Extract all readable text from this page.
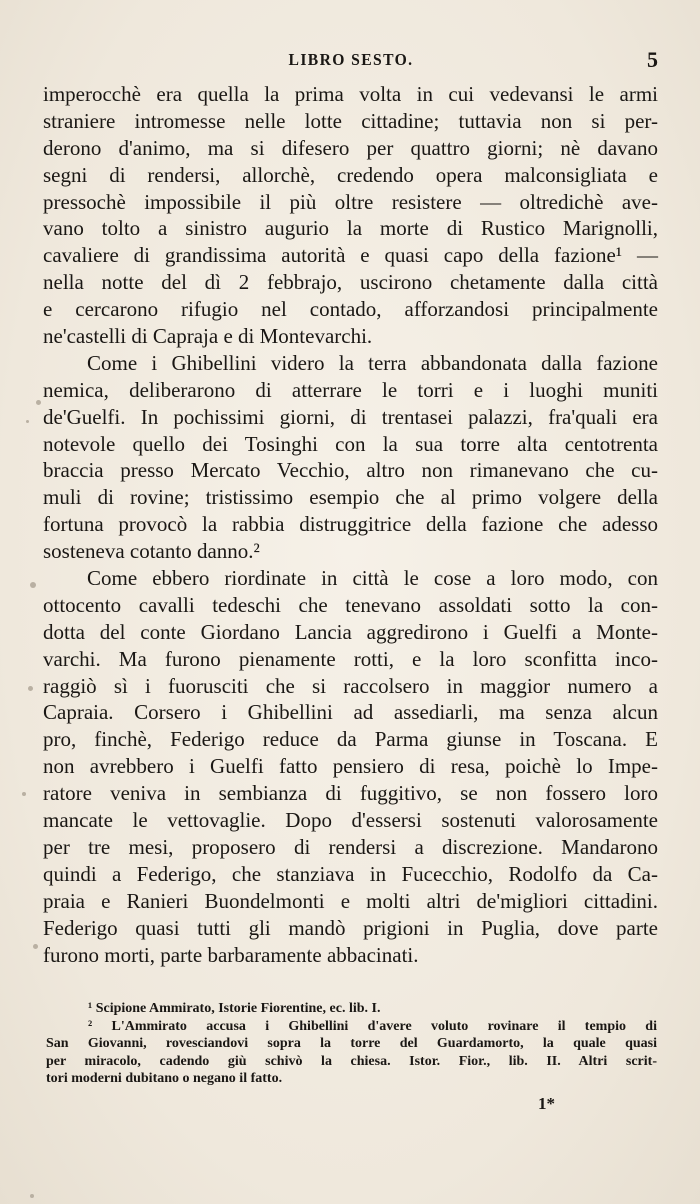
LIBRO SESTO.	5
imperocchè era quella la prima volta in cui vedevansi le armi
straniere intromesse nelle lotte cittadine; tuttavia non si per-
derono d'animo, ma si difesero per quattro giorni; nè davano
segni di rendersi, allorchè, credendo opera malconsigliata e
pressochè impossibile il più oltre resistere — oltredichè ave-
vano tolto a sinistro augurio la morte di Rustico Marignolli,
cavaliere di grandissima autorità e quasi capo della fazione¹ —
nella notte del dì 2 febbrajo, uscirono chetamente dalla città
e cercarono rifugio nel contado, afforzandosi principalmente
ne'castelli di Capraja e di Montevarchi.
Come i Ghibellini videro la terra abbandonata dalla fazione
nemica, deliberarono di atterrare le torri e i luoghi muniti
de'Guelfi. In pochissimi giorni, di trentasei palazzi, fra'quali era
notevole quello dei Tosinghi con la sua torre alta centotrenta
braccia presso Mercato Vecchio, altro non rimanevano che cu-
muli di rovine; tristissimo esempio che al primo volgere della
fortuna provocò la rabbia distruggitrice della fazione che adesso
sosteneva cotanto danno.²
Come ebbero riordinate in città le cose a loro modo, con
ottocento cavalli tedeschi che tenevano assoldati sotto la con-
dotta del conte Giordano Lancia aggredirono i Guelfi a Monte-
varchi. Ma furono pienamente rotti, e la loro sconfitta inco-
raggiò sì i fuorusciti che si raccolsero in maggior numero a
Capraia. Corsero i Ghibellini ad assediarli, ma senza alcun
pro, finchè, Federigo reduce da Parma giunse in Toscana. E
non avrebbero i Guelfi fatto pensiero di resa, poichè lo Impe-
ratore veniva in sembianza di fuggitivo, se non fossero loro
mancate le vettovaglie. Dopo d'essersi sostenuti valorosamente
per tre mesi, proposero di rendersi a discrezione. Mandarono
quindi a Federigo, che stanziava in Fucecchio, Rodolfo da Ca-
praia e Ranieri Buondelmonti e molti altri de'migliori cittadini.
Federigo quasi tutti gli mandò prigioni in Puglia, dove parte
furono morti, parte barbaramente abbacinati.
¹ Scipione Ammirato, Istorie Fiorentine, ec. lib. I.
² L'Ammirato accusa i Ghibellini d'avere voluto rovinare il tempio di
San Giovanni, rovesciandovi sopra la torre del Guardamorto, la quale quasi
per miracolo, cadendo giù schivò la chiesa. Istor. Fior., lib. II. Altri scrit-
tori moderni dubitano o negano il fatto.
1*
